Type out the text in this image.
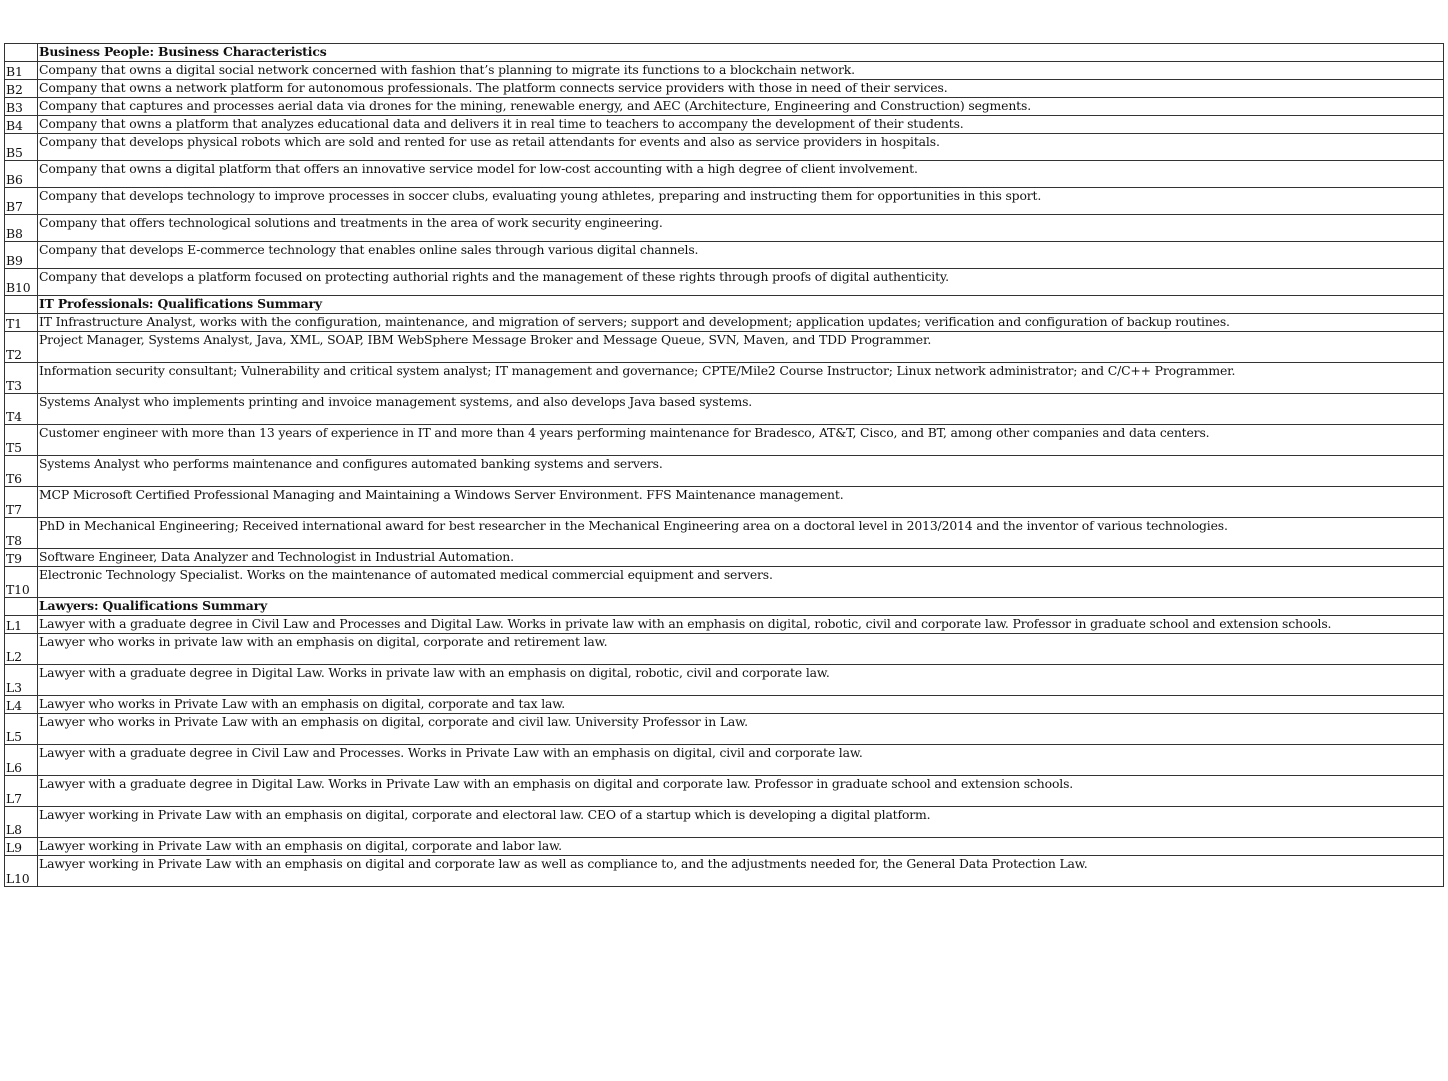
	Business People: Business Characteristics
B1	Company that owns a digital social network concerned with fashion that’s planning to migrate its functions to a blockchain network.
B2	Company that owns a network platform for autonomous professionals. The platform connects service providers with those in need of their services.
B3	Company that captures and processes aerial data via drones for the mining, renewable energy, and AEC (Architecture, Engineering and Construction) segments.
B4	Company that owns a platform that analyzes educational data and delivers it in real time to teachers to accompany the development of their students.
B5	Company that develops physical robots which are sold and rented for use as retail attendants for events and also as service providers in hospitals.
B6	Company that owns a digital platform that offers an innovative service model for low-cost accounting with a high degree of client involvement.
B7	Company that develops technology to improve processes in soccer clubs, evaluating young athletes, preparing and instructing them for opportunities in this sport.
B8	Company that offers technological solutions and treatments in the area of work security engineering.
B9	Company that develops E-commerce technology that enables online sales through various digital channels.
B10	Company that develops a platform focused on protecting authorial rights and the management of these rights through proofs of digital authenticity.
	IT Professionals: Qualifications Summary
T1	IT Infrastructure Analyst, works with the configuration, maintenance, and migration of servers; support and development; application updates; verification and configuration of backup routines.
T2	Project Manager, Systems Analyst, Java, XML, SOAP, IBM WebSphere Message Broker and Message Queue, SVN, Maven, and TDD Programmer.
T3	Information security consultant; Vulnerability and critical system analyst; IT management and governance; CPTE/Mile2 Course Instructor; Linux network administrator; and C/C++ Programmer.
T4	Systems Analyst who implements printing and invoice management systems, and also develops Java based systems.
T5	Customer engineer with more than 13 years of experience in IT and more than 4 years performing maintenance for Bradesco, AT&T, Cisco, and BT, among other companies and data centers.
T6	Systems Analyst who performs maintenance and configures automated banking systems and servers.
T7	MCP Microsoft Certified Professional Managing and Maintaining a Windows Server Environment. FFS Maintenance management.
T8	PhD in Mechanical Engineering; Received international award for best researcher in the Mechanical Engineering area on a doctoral level in 2013/2014 and the inventor of various technologies.
T9	Software Engineer, Data Analyzer and Technologist in Industrial Automation.
T10	Electronic Technology Specialist. Works on the maintenance of automated medical commercial equipment and servers.
	Lawyers: Qualifications Summary
L1	Lawyer with a graduate degree in Civil Law and Processes and Digital Law. Works in private law with an emphasis on digital, robotic, civil and corporate law. Professor in graduate school and extension schools.
L2	Lawyer who works in private law with an emphasis on digital, corporate and retirement law.
L3	Lawyer with a graduate degree in Digital Law. Works in private law with an emphasis on digital, robotic, civil and corporate law.
L4	Lawyer who works in Private Law with an emphasis on digital, corporate and tax law.
L5	Lawyer who works in Private Law with an emphasis on digital, corporate and civil law. University Professor in Law.
L6	Lawyer with a graduate degree in Civil Law and Processes. Works in Private Law with an emphasis on digital, civil and corporate law.
L7	Lawyer with a graduate degree in Digital Law. Works in Private Law with an emphasis on digital and corporate law. Professor in graduate school and extension schools.
L8	Lawyer working in Private Law with an emphasis on digital, corporate and electoral law. CEO of a startup which is developing a digital platform.
L9	Lawyer working in Private Law with an emphasis on digital, corporate and labor law.
L10	Lawyer working in Private Law with an emphasis on digital and corporate law as well as compliance to, and the adjustments needed for, the General Data Protection Law.
